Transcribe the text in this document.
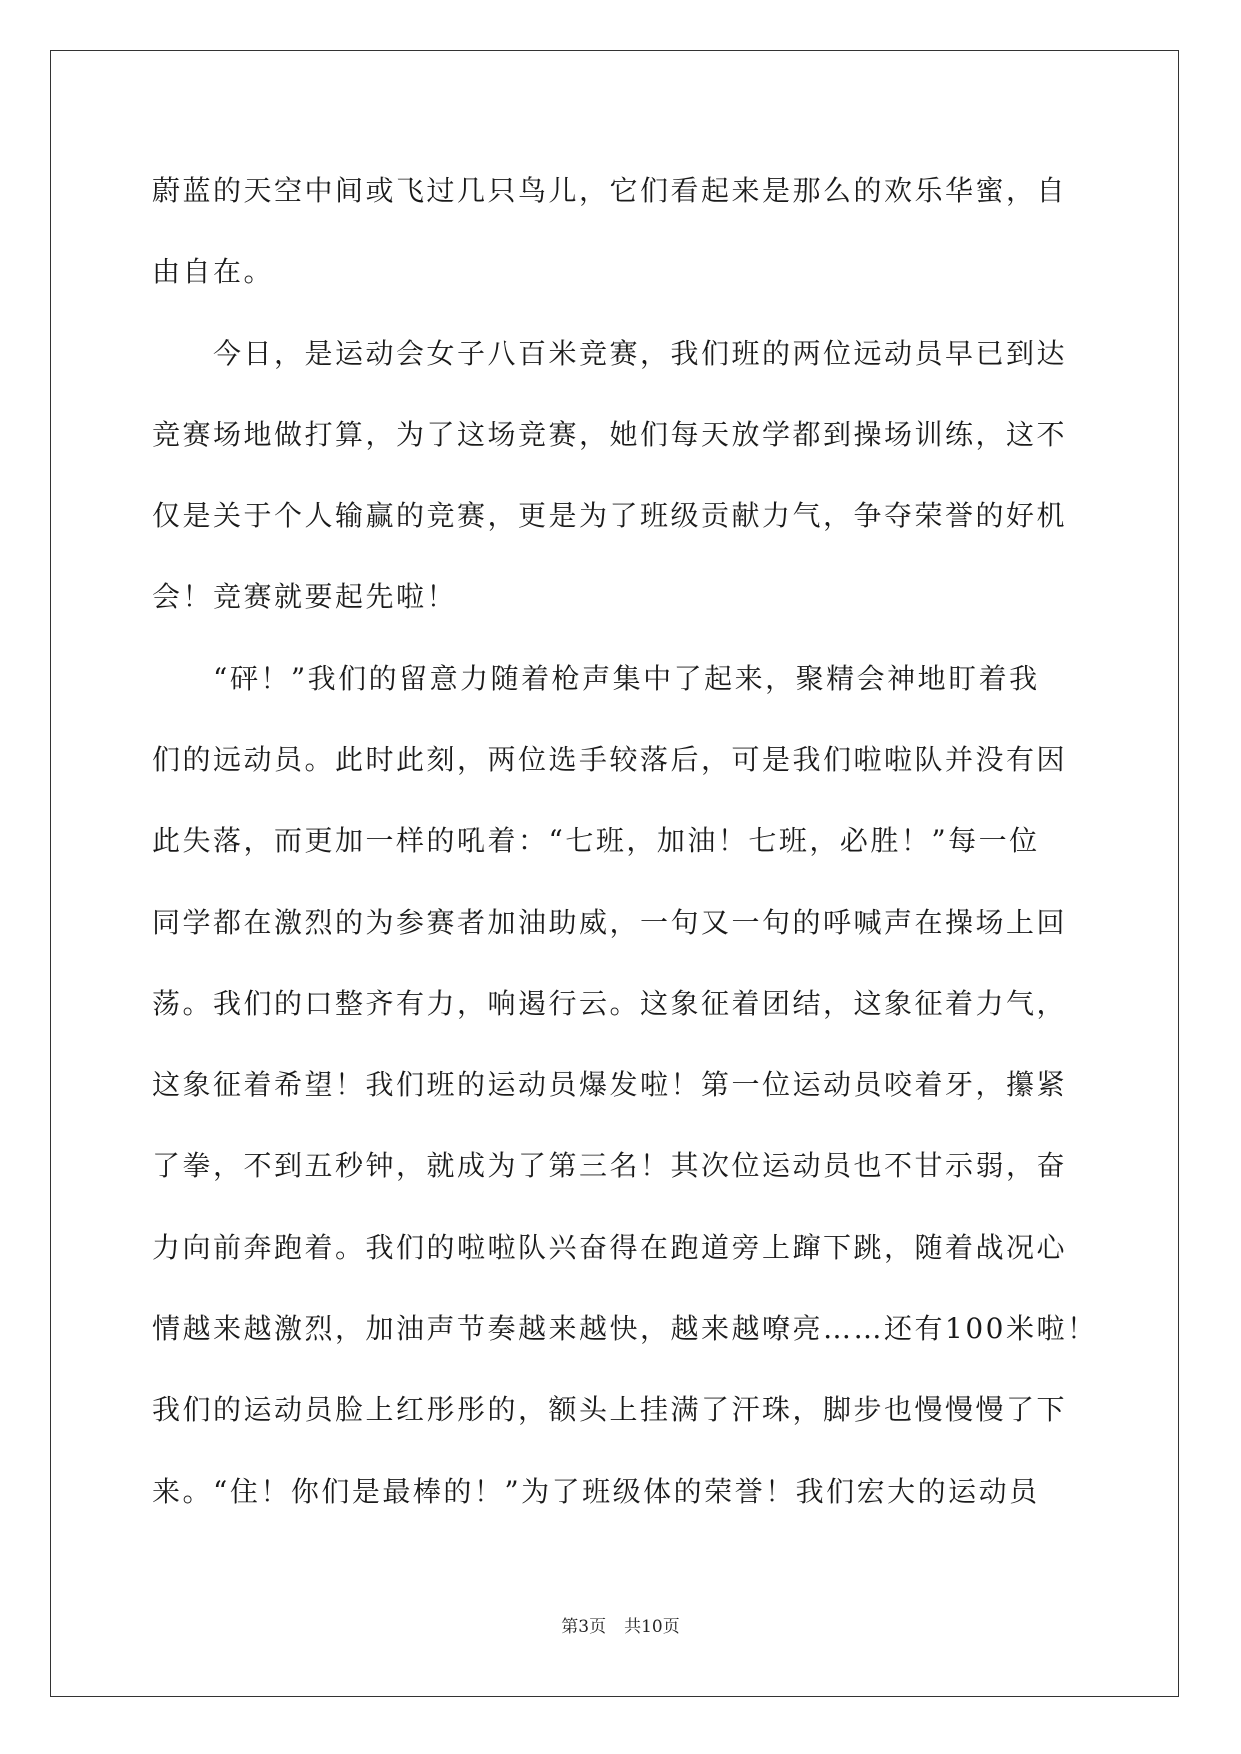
蔚蓝的天空中间或飞过几只鸟儿，它们看起来是那么的欢乐华蜜，自
由自在。
　　今日，是运动会女子八百米竞赛，我们班的两位远动员早已到达
竞赛场地做打算，为了这场竞赛，她们每天放学都到操场训练，这不
仅是关于个人输赢的竞赛，更是为了班级贡献力气，争夺荣誉的好机
会！竞赛就要起先啦！
　　“砰！”我们的留意力随着枪声集中了起来，聚精会神地盯着我
们的远动员。此时此刻，两位选手较落后，可是我们啦啦队并没有因
此失落，而更加一样的吼着：“七班，加油！七班，必胜！”每一位
同学都在激烈的为参赛者加油助威，一句又一句的呼喊声在操场上回
荡。我们的口整齐有力，响遏行云。这象征着团结，这象征着力气，
这象征着希望！我们班的运动员爆发啦！第一位运动员咬着牙，攥紧
了拳，不到五秒钟，就成为了第三名！其次位运动员也不甘示弱，奋
力向前奔跑着。我们的啦啦队兴奋得在跑道旁上蹿下跳，随着战况心
情越来越激烈，加油声节奏越来越快，越来越嘹亮……还有100米啦！
我们的运动员脸上红彤彤的，额头上挂满了汗珠，脚步也慢慢慢了下
来。“住！你们是最棒的！”为了班级体的荣誉！我们宏大的运动员
第3页 共10页
